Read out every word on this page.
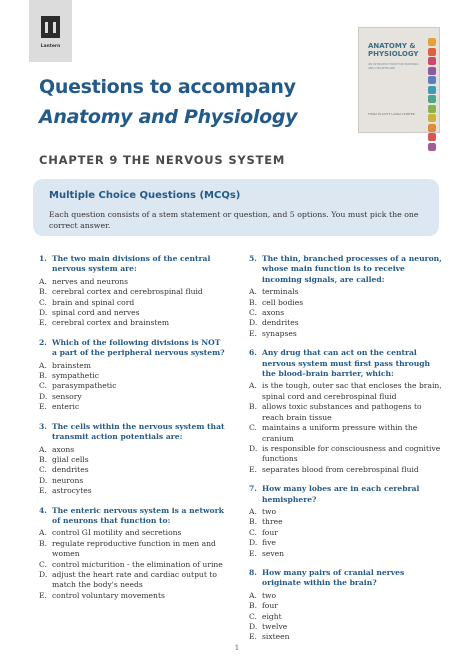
Lantern	ANATOMY & PHYSIOLOGY
AN INTRODUCTION FOR NURSING AND HEALTHCARE
FIONA ELLIOTT LAURA HUNTER
Questions to accompany
Anatomy and Physiology
CHAPTER 9 THE NERVOUS SYSTEM
Multiple Choice Questions (MCQs)
Each question consists of a stem statement or question, and 5 options. You must pick the one correct answer.
1. The two main divisions of the central nervous system are:
A. nerves and neurons
B. cerebral cortex and cerebrospinal fluid
C. brain and spinal cord
D. spinal cord and nerves
E. cerebral cortex and brainstem
2. Which of the following divisions is NOT a part of the peripheral nervous system?
A. brainstem
B. sympathetic
C. parasympathetic
D. sensory
E. enteric
3. The cells within the nervous system that transmit action potentials are:
A. axons
B. glial cells
C. dendrites
D. neurons
E. astrocytes
4. The enteric nervous system is a network of neurons that function to:
A. control GI motility and secretions
B. regulate reproductive function in men and women
C. control micturition - the elimination of urine
D. adjust the heart rate and cardiac output to match the body's needs
E. control voluntary movements
5. The thin, branched processes of a neuron, whose main function is to receive incoming signals, are called:
A. terminals
B. cell bodies
C. axons
D. dendrites
E. synapses
6. Any drug that can act on the central nervous system must first pass through the blood–brain barrier, which:
A. is the tough, outer sac that encloses the brain, spinal cord and cerebrospinal fluid
B. allows toxic substances and pathogens to reach brain tissue
C. maintains a uniform pressure within the cranium
D. is responsible for consciousness and cognitive functions
E. separates blood from cerebrospinal fluid
7. How many lobes are in each cerebral hemisphere?
A. two
B. three
C. four
D. five
E. seven
8. How many pairs of cranial nerves originate within the brain?
A. two
B. four
C. eight
D. twelve
E. sixteen
1
